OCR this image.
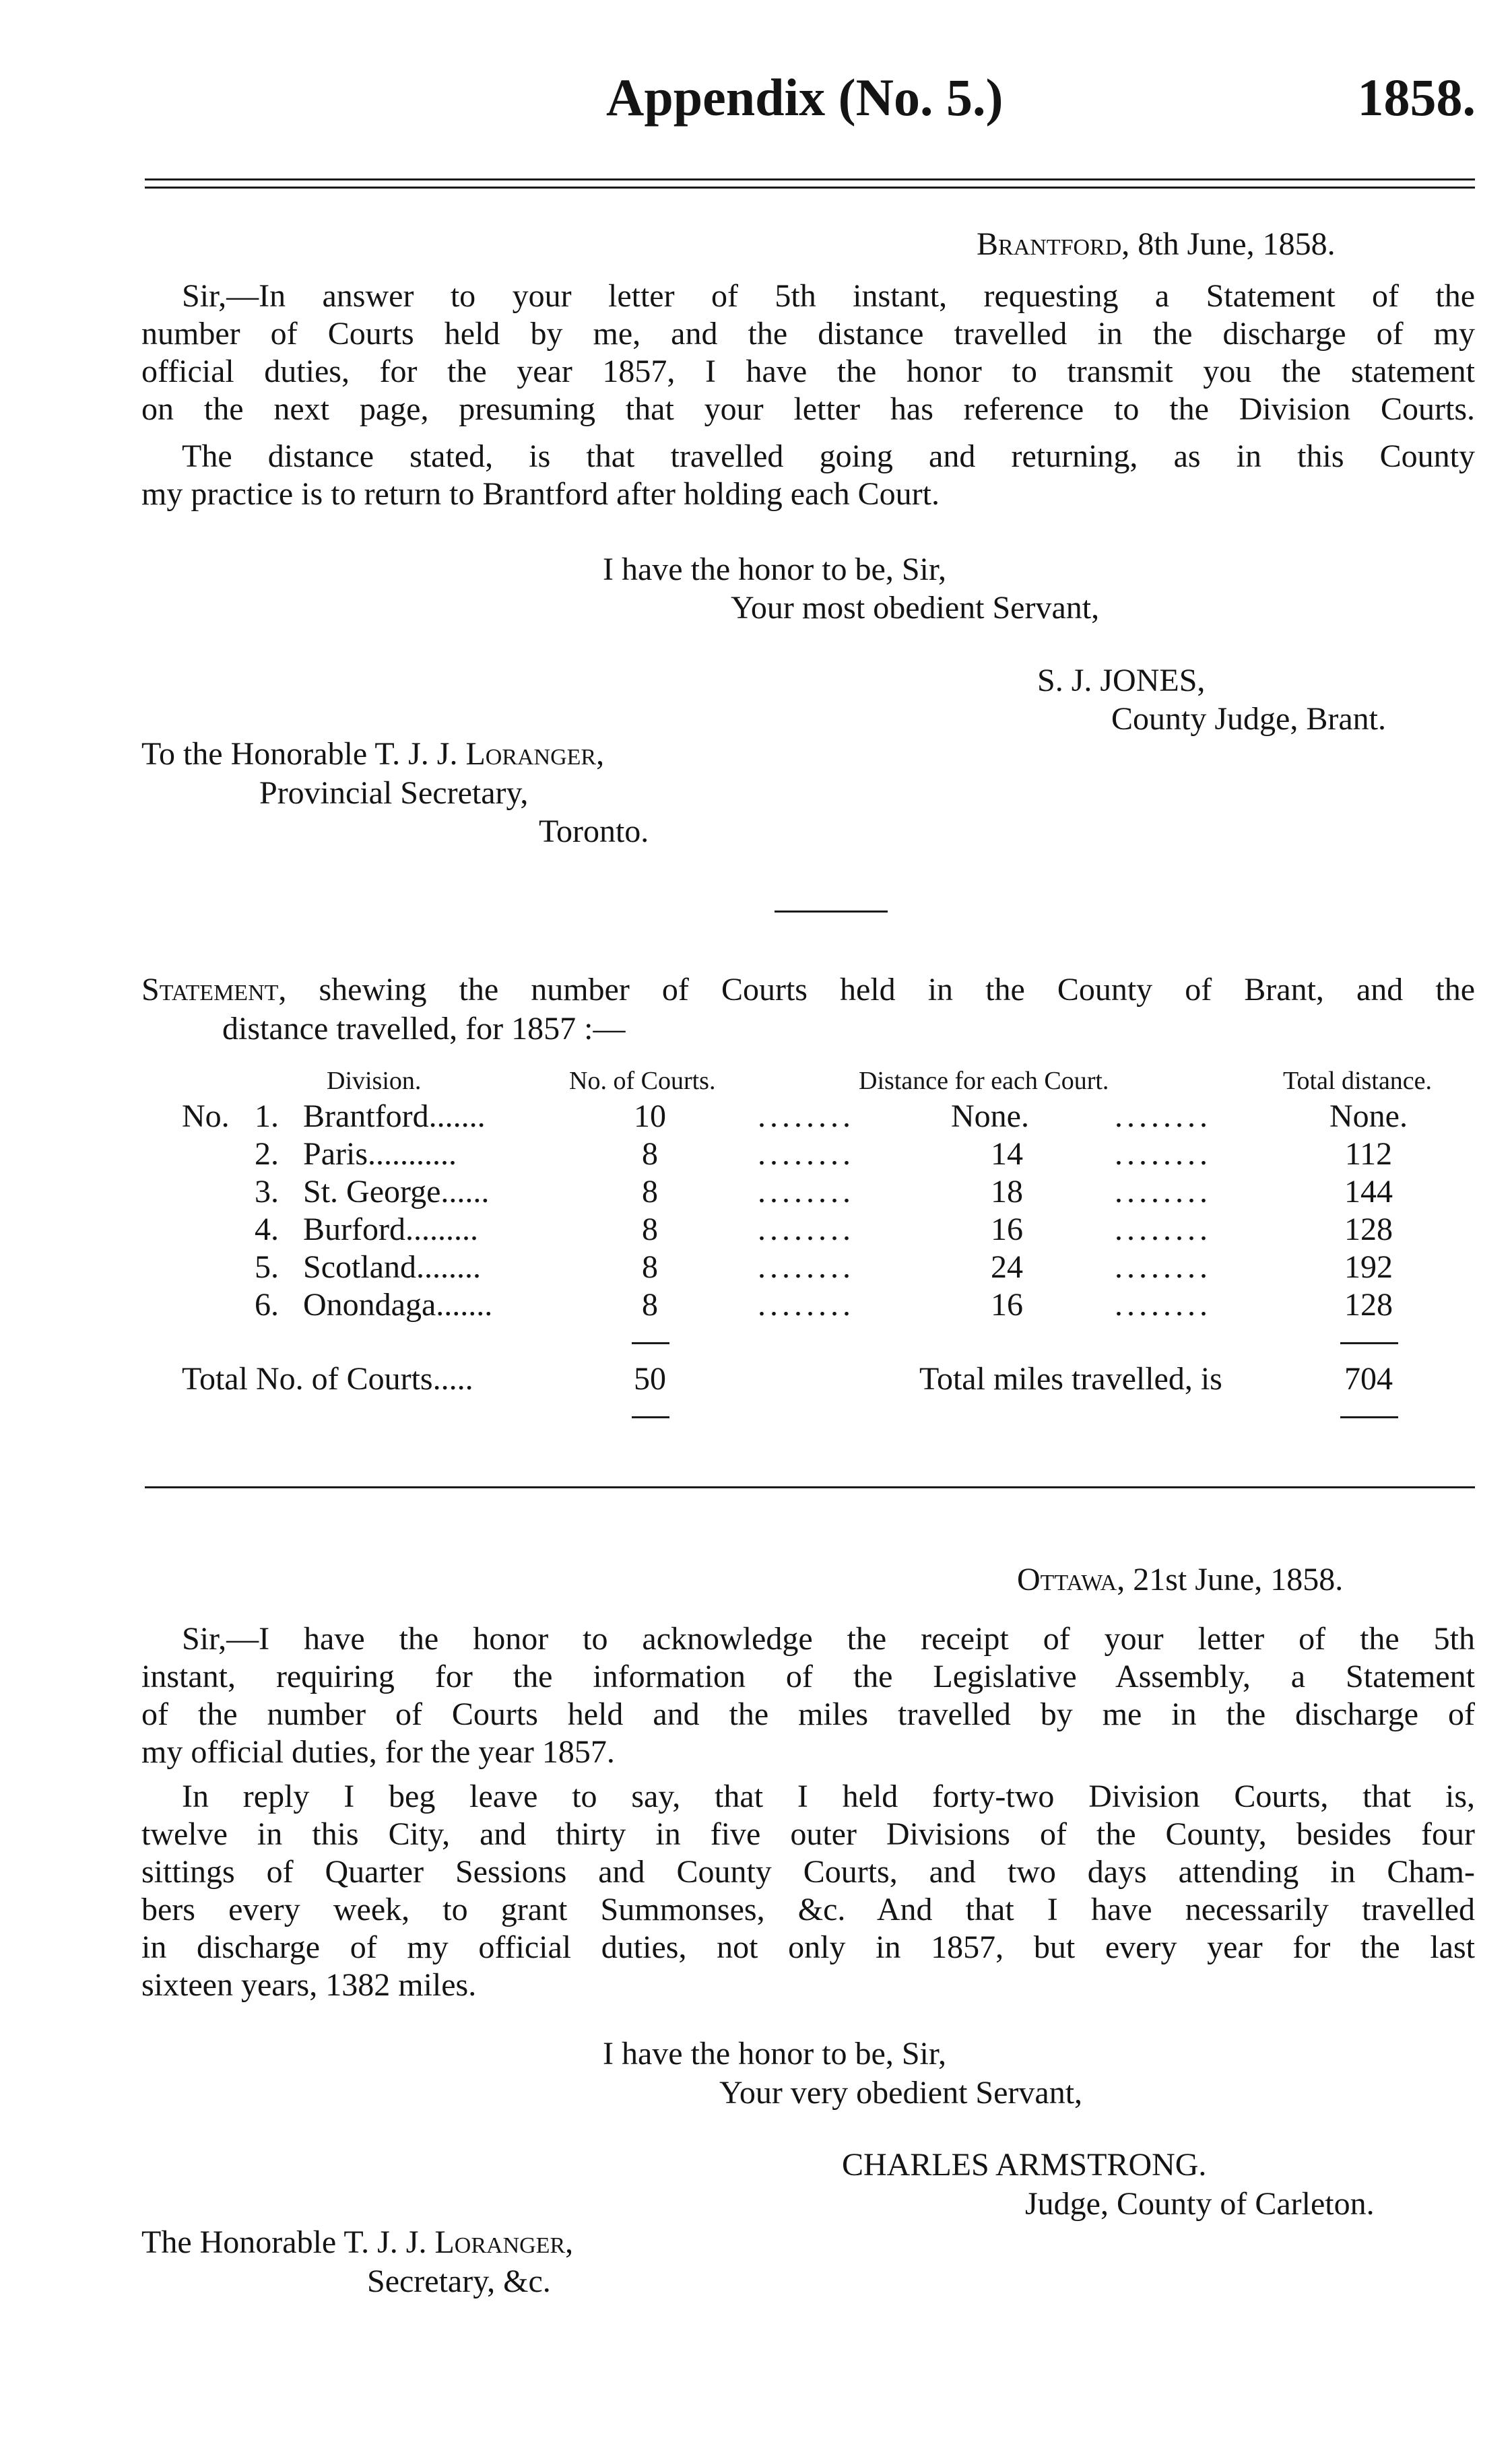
Appendix (No. 5.)	1858.
Brantford, 8th June, 1858.
Sir,—In answer to your letter of 5th instant, requesting a Statement of the
number of Courts held by me, and the distance travelled in the discharge of my
official duties, for the year 1857, I have the honor to transmit you the statement
on the next page, presuming that your letter has reference to the Division Courts.
The distance stated, is that travelled going and returning, as in this County
my practice is to return to Brantford after holding each Court.
I have the honor to be, Sir,
Your most obedient Servant,
S. J. JONES,
County Judge, Brant.
To the Honorable T. J. J. Loranger,
Provincial Secretary,
Toronto.
Statement, shewing the number of Courts held in the County of Brant, and the
distance travelled, for 1857 :—
Division.	No. of Courts.	Distance for each Court.	Total distance.
No. 1. Brantford.......	10	........	None.	........	None.
2. Paris...........	8	........	14	........	112
3. St. George......	8	........	18	........	144
4. Burford.........	8	........	16	........	128
5. Scotland........	8	........	24	........	192
6. Onondaga.......	8	........	16	........	128
Total No. of Courts.....	50	Total miles travelled, is	704
Ottawa, 21st June, 1858.
Sir,—I have the honor to acknowledge the receipt of your letter of the 5th
instant, requiring for the information of the Legislative Assembly, a Statement
of the number of Courts held and the miles travelled by me in the discharge of
my official duties, for the year 1857.
In reply I beg leave to say, that I held forty-two Division Courts, that is,
twelve in this City, and thirty in five outer Divisions of the County, besides four
sittings of Quarter Sessions and County Courts, and two days attending in Cham-
bers every week, to grant Summonses, &c. And that I have necessarily travelled
in discharge of my official duties, not only in 1857, but every year for the last
sixteen years, 1382 miles.
I have the honor to be, Sir,
Your very obedient Servant,
CHARLES ARMSTRONG.
Judge, County of Carleton.
The Honorable T. J. J. Loranger,
Secretary, &c.
